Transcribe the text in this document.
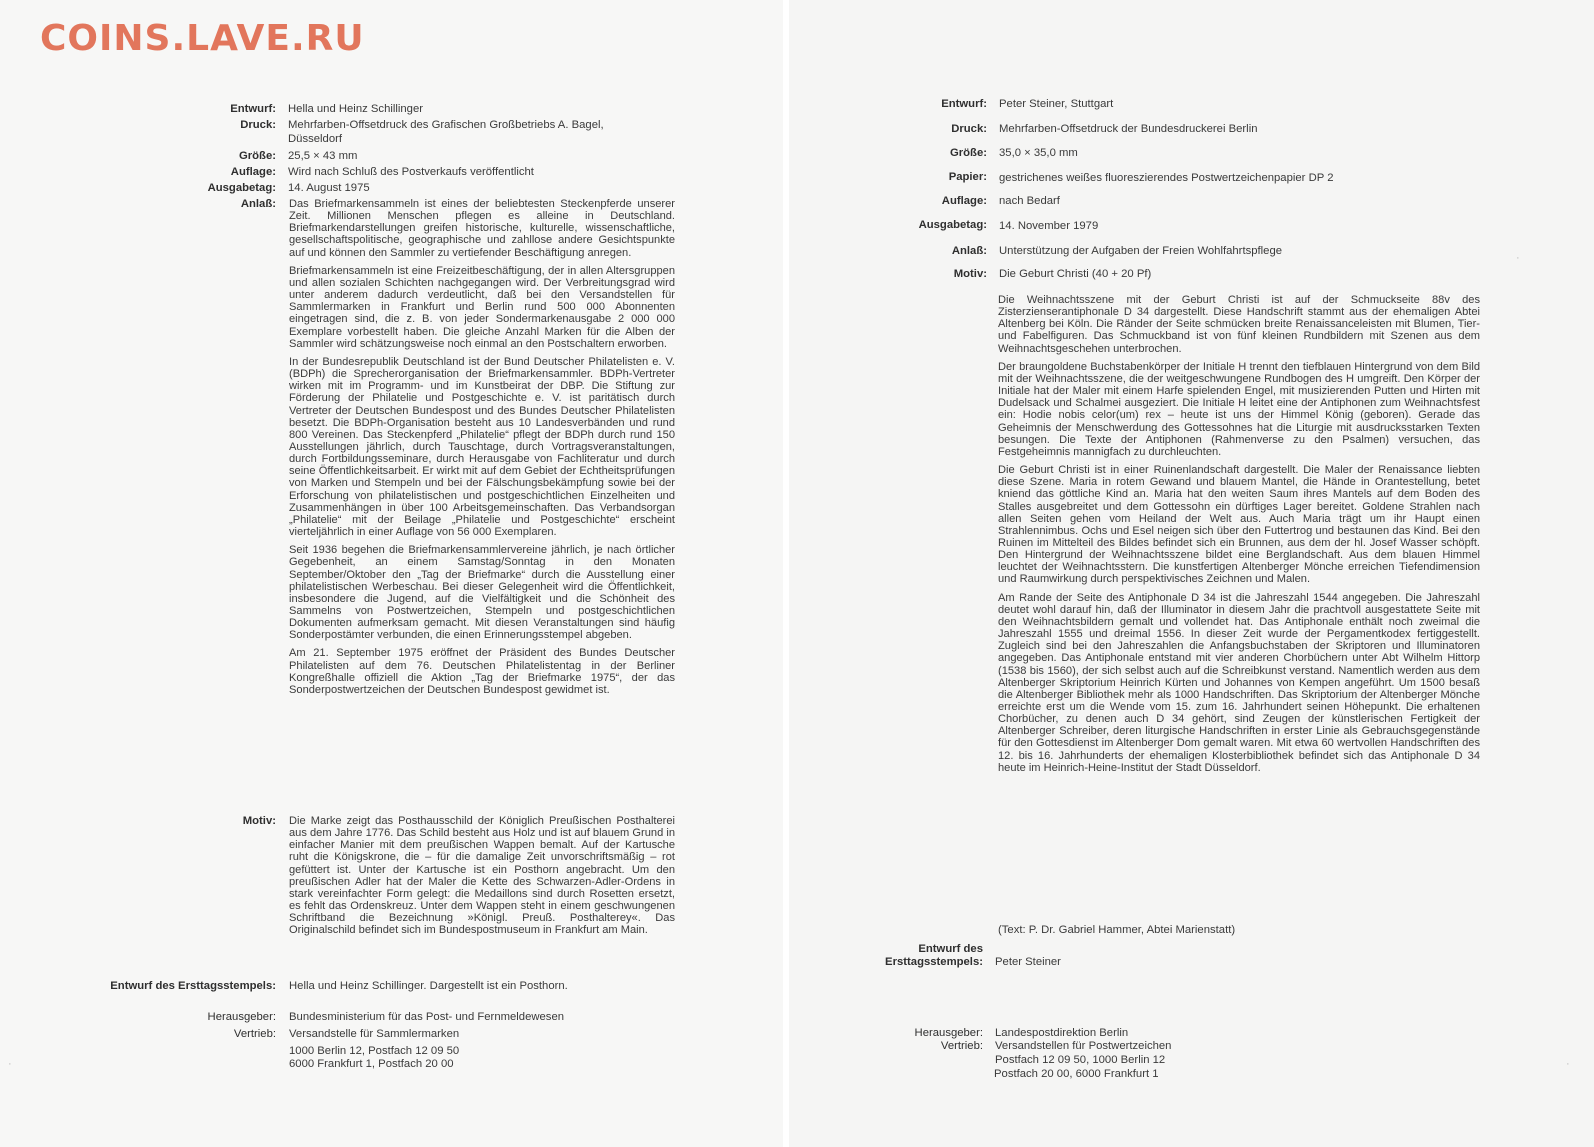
COINS.LAVE.RU
Entwurf: Hella und Heinz Schillinger
Druck: Mehrfarben-Offsetdruck des Grafischen Großbetriebs A. Bagel,
Düsseldorf
Größe: 25,5 × 43 mm
Auflage: Wird nach Schluß des Postverkaufs veröffentlicht
Ausgabetag: 14. August 1975
Anlaß: Das Briefmarkensammeln ist eines der beliebtesten Steckenpferde unserer Zeit. Millionen Menschen pflegen es alleine in Deutschland. Briefmarkendarstellungen greifen historische, kulturelle, wissenschaftliche, gesellschaftspolitische, geographische und zahllose andere Gesichtspunkte auf und können den Sammler zu vertiefender Beschäftigung anregen.

Briefmarkensammeln ist eine Freizeitbeschäftigung, der in allen Altersgruppen und allen sozialen Schichten nachgegangen wird. Der Verbreitungsgrad wird unter anderem dadurch verdeutlicht, daß bei den Versandstellen für Sammlermarken in Frankfurt und Berlin rund 500 000 Abonnenten eingetragen sind, die z. B. von jeder Sondermarkenausgabe 2 000 000 Exemplare vorbestellt haben. Die gleiche Anzahl Marken für die Alben der Sammler wird schätzungsweise noch einmal an den Postschaltern erworben.

In der Bundesrepublik Deutschland ist der Bund Deutscher Philatelisten e. V. (BDPh) die Sprecherorganisation der Briefmarkensammler. BDPh-Vertreter wirken mit im Programm- und im Kunstbeirat der DBP. Die Stiftung zur Förderung der Philatelie und Postgeschichte e. V. ist paritätisch durch Vertreter der Deutschen Bundespost und des Bundes Deutscher Philatelisten besetzt. Die BDPh-Organisation besteht aus 10 Landesverbänden und rund 800 Vereinen. Das Steckenpferd „Philatelie“ pflegt der BDPh durch rund 150 Ausstellungen jährlich, durch Tauschtage, durch Vortragsveranstaltungen, durch Fortbildungsseminare, durch Herausgabe von Fachliteratur und durch seine Öffentlichkeitsarbeit. Er wirkt mit auf dem Gebiet der Echtheitsprüfungen von Marken und Stempeln und bei der Fälschungsbekämpfung sowie bei der Erforschung von philatelistischen und postgeschichtlichen Einzelheiten und Zusammenhängen in über 100 Arbeitsgemeinschaften. Das Verbandsorgan „Philatelie“ mit der Beilage „Philatelie und Postgeschichte“ erscheint vierteljährlich in einer Auflage von 56 000 Exemplaren.

Seit 1936 begehen die Briefmarkensammlervereine jährlich, je nach örtlicher Gegebenheit, an einem Samstag/Sonntag in den Monaten September/Oktober den „Tag der Briefmarke“ durch die Ausstellung einer philatelistischen Werbeschau. Bei dieser Gelegenheit wird die Öffentlichkeit, insbesondere die Jugend, auf die Vielfältigkeit und die Schönheit des Sammelns von Postwertzeichen, Stempeln und postgeschichtlichen Dokumenten aufmerksam gemacht. Mit diesen Veranstaltungen sind häufig Sonderpostämter verbunden, die einen Erinnerungsstempel abgeben.

Am 21. September 1975 eröffnet der Präsident des Bundes Deutscher Philatelisten auf dem 76. Deutschen Philatelistentag in der Berliner Kongreßhalle offiziell die Aktion „Tag der Briefmarke 1975“, der das Sonderpostwertzeichen der Deutschen Bundespost gewidmet ist.

Motiv: Die Marke zeigt das Posthausschild der Königlich Preußischen Posthalterei aus dem Jahre 1776. Das Schild besteht aus Holz und ist auf blauem Grund in einfacher Manier mit dem preußischen Wappen bemalt. Auf der Kartusche ruht die Königskrone, die – für die damalige Zeit unvorschriftsmäßig – rot gefüttert ist. Unter der Kartusche ist ein Posthorn angebracht. Um den preußischen Adler hat der Maler die Kette des Schwarzen-Adler-Ordens in stark vereinfachter Form gelegt: die Medaillons sind durch Rosetten ersetzt, es fehlt das Ordenskreuz. Unter dem Wappen steht in einem geschwungenen Schriftband die Bezeichnung »Königl. Preuß. Posthalterey«. Das Originalschild befindet sich im Bundespostmuseum in Frankfurt am Main.

Entwurf des Ersttagsstempels: Hella und Heinz Schillinger. Dargestellt ist ein Posthorn.
Herausgeber: Bundesministerium für das Post- und Fernmeldewesen
Vertrieb: Versandstelle für Sammlermarken
1000 Berlin 12, Postfach 12 09 50
6000 Frankfurt 1, Postfach 20 00
·
Entwurf: Peter Steiner, Stuttgart
Druck: Mehrfarben-Offsetdruck der Bundesdruckerei Berlin
Größe: 35,0 × 35,0 mm
Papier: gestrichenes weißes fluoreszierendes Postwertzeichenpapier DP 2
Auflage: nach Bedarf
Ausgabetag: 14. November 1979
Anlaß: Unterstützung der Aufgaben der Freien Wohlfahrtspflege
Motiv: Die Geburt Christi (40 + 20 Pf)

Die Weihnachtsszene mit der Geburt Christi ist auf der Schmuckseite 88v des Zisterzienserantiphonale D 34 dargestellt. Diese Handschrift stammt aus der ehemaligen Abtei Altenberg bei Köln. Die Ränder der Seite schmücken breite Renaissanceleisten mit Blumen, Tier- und Fabelfiguren. Das Schmuckband ist von fünf kleinen Rundbildern mit Szenen aus dem Weihnachtsgeschehen unterbrochen.

Der braungoldene Buchstabenkörper der Initiale H trennt den tiefblauen Hintergrund von dem Bild mit der Weihnachtsszene, die der weitgeschwungene Rundbogen des H umgreift. Den Körper der Initiale hat der Maler mit einem Harfe spielenden Engel, mit musizierenden Putten und Hirten mit Dudelsack und Schalmei ausgeziert. Die Initiale H leitet eine der Antiphonen zum Weihnachtsfest ein: Hodie nobis celor(um) rex – heute ist uns der Himmel König (geboren). Gerade das Geheimnis der Menschwerdung des Gottessohnes hat die Liturgie mit ausdrucksstarken Texten besungen. Die Texte der Antiphonen (Rahmenverse zu den Psalmen) versuchen, das Festgeheimnis mannigfach zu durchleuchten.

Die Geburt Christi ist in einer Ruinenlandschaft dargestellt. Die Maler der Renaissance liebten diese Szene. Maria in rotem Gewand und blauem Mantel, die Hände in Orantestellung, betet kniend das göttliche Kind an. Maria hat den weiten Saum ihres Mantels auf dem Boden des Stalles ausgebreitet und dem Gottessohn ein dürftiges Lager bereitet. Goldene Strahlen nach allen Seiten gehen vom Heiland der Welt aus. Auch Maria trägt um ihr Haupt einen Strahlennimbus. Ochs und Esel neigen sich über den Futtertrog und bestaunen das Kind. Bei den Ruinen im Mittelteil des Bildes befindet sich ein Brunnen, aus dem der hl. Josef Wasser schöpft. Den Hintergrund der Weihnachtsszene bildet eine Berglandschaft. Aus dem blauen Himmel leuchtet der Weihnachtsstern. Die kunstfertigen Altenberger Mönche erreichen Tiefendimension und Raumwirkung durch perspektivisches Zeichnen und Malen.

Am Rande der Seite des Antiphonale D 34 ist die Jahreszahl 1544 angegeben. Die Jahreszahl deutet wohl darauf hin, daß der Illuminator in diesem Jahr die prachtvoll ausgestattete Seite mit den Weihnachtsbildern gemalt und vollendet hat. Das Antiphonale enthält noch zweimal die Jahreszahl 1555 und dreimal 1556. In dieser Zeit wurde der Pergamentkodex fertiggestellt. Zugleich sind bei den Jahreszahlen die Anfangsbuchstaben der Skriptoren und Illuminatoren angegeben. Das Antiphonale entstand mit vier anderen Chorbüchern unter Abt Wilhelm Hittorp (1538 bis 1560), der sich selbst auch auf die Schreibkunst verstand. Namentlich werden aus dem Altenberger Skriptorium Heinrich Kürten und Johannes von Kempen angeführt. Um 1500 besaß die Altenberger Bibliothek mehr als 1000 Handschriften. Das Skriptorium der Altenberger Mönche erreichte erst um die Wende vom 15. zum 16. Jahrhundert seinen Höhepunkt. Die erhaltenen Chorbücher, zu denen auch D 34 gehört, sind Zeugen der künstlerischen Fertigkeit der Altenberger Schreiber, deren liturgische Handschriften in erster Linie als Gebrauchsgegenstände für den Gottesdienst im Altenberger Dom gemalt waren. Mit etwa 60 wertvollen Handschriften des 12. bis 16. Jahrhunderts der ehemaligen Klosterbibliothek befindet sich das Antiphonale D 34 heute im Heinrich-Heine-Institut der Stadt Düsseldorf.

(Text: P. Dr. Gabriel Hammer, Abtei Marienstatt)
Entwurf des
Ersttagsstempels: Peter Steiner
Herausgeber: Landespostdirektion Berlin
Vertrieb: Versandstellen für Postwertzeichen
Postfach 12 09 50, 1000 Berlin 12
Postfach 20 00, 6000 Frankfurt 1
·
·
